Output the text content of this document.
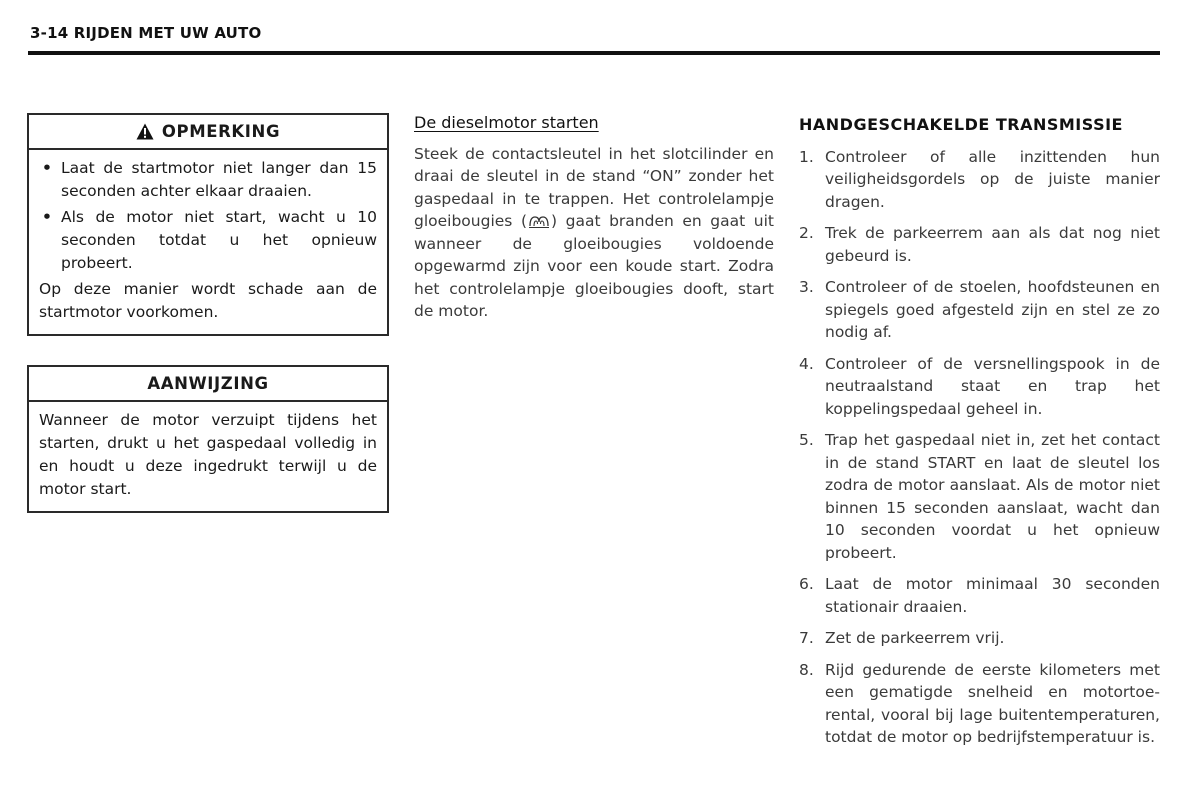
3-14 RIJDEN MET UW AUTO
OPMERKING
• Laat de startmotor niet langer dan 15 seconden achter elkaar draaien.
• Als de motor niet start, wacht u 10 seconden totdat u het opnieuw probeert.
Op deze manier wordt schade aan de startmotor voorkomen.
AANWIJZING
Wanneer de motor verzuipt tijdens het starten, drukt u het gaspedaal volledig in en houdt u deze ingedrukt terwijl u de motor start.
De dieselmotor starten

Steek de contactsleutel in het slotcilinder en draai de sleutel in de stand “ON” zonder het gaspedaal in te trappen. Het controlelampje gloeibougies ( ) gaat branden en gaat uit wanneer de gloeibougies voldoende opgewarmd zijn voor een koude start. Zodra het controlelampje gloeibougies dooft, start de motor.

HANDGESCHAKELDE TRANSMISSIE
1. Controleer of alle inzittenden hun veiligheidsgordels op de juiste manier dragen.
2. Trek de parkeerrem aan als dat nog niet gebeurd is.
3. Controleer of de stoelen, hoofdsteunen en spiegels goed afgesteld zijn en stel ze zo nodig af.
4. Controleer of de versnellingspook in de neutraalstand staat en trap het koppelingspedaal geheel in.
5. Trap het gaspedaal niet in, zet het contact in de stand START en laat de sleutel los zodra de motor aanslaat. Als de motor niet binnen 15 seconden aanslaat, wacht dan 10 seconden voordat u het opnieuw probeert.
6. Laat de motor minimaal 30 seconden stationair draaien.
7. Zet de parkeerrem vrij.
8. Rijd gedurende de eerste kilometers met een gematigde snelheid en motortoe-rental, vooral bij lage buitentemperaturen, totdat de motor op bedrijfstemperatuur is.
